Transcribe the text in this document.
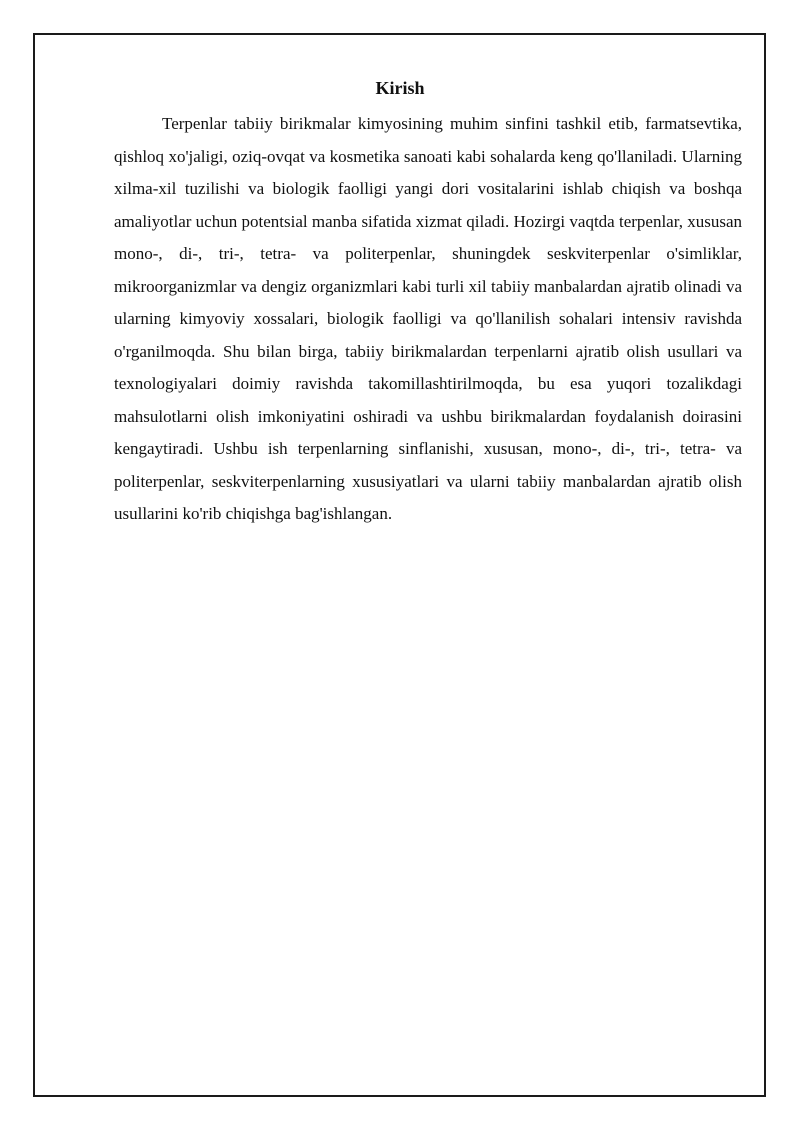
Kirish

Terpenlar tabiiy birikmalar kimyosining muhim sinfini tashkil etib, farmatsevtika, qishloq xo'jaligi, oziq-ovqat va kosmetika sanoati kabi sohalarda keng qo'llaniladi. Ularning xilma-xil tuzilishi va biologik faolligi yangi dori vositalarini ishlab chiqish va boshqa amaliyotlar uchun potentsial manba sifatida xizmat qiladi. Hozirgi vaqtda terpenlar, xususan mono-, di-, tri-, tetra- va politerpenlar, shuningdek seskviterpenlar o'simliklar, mikroorganizmlar va dengiz organizmlari kabi turli xil tabiiy manbalardan ajratib olinadi va ularning kimyoviy xossalari, biologik faolligi va qo'llanilish sohalari intensiv ravishda o'rganilmoqda. Shu bilan birga, tabiiy birikmalardan terpenlarni ajratib olish usullari va texnologiyalari doimiy ravishda takomillashtirilmoqda, bu esa yuqori tozalikdagi mahsulotlarni olish imkoniyatini oshiradi va ushbu birikmalardan foydalanish doirasini kengaytiradi. Ushbu ish terpenlarning sinflanishi, xususan, mono-, di-, tri-, tetra- va politerpenlar, seskviterpenlarning xususiyatlari va ularni tabiiy manbalardan ajratib olish usullarini ko'rib chiqishga bag'ishlangan.
